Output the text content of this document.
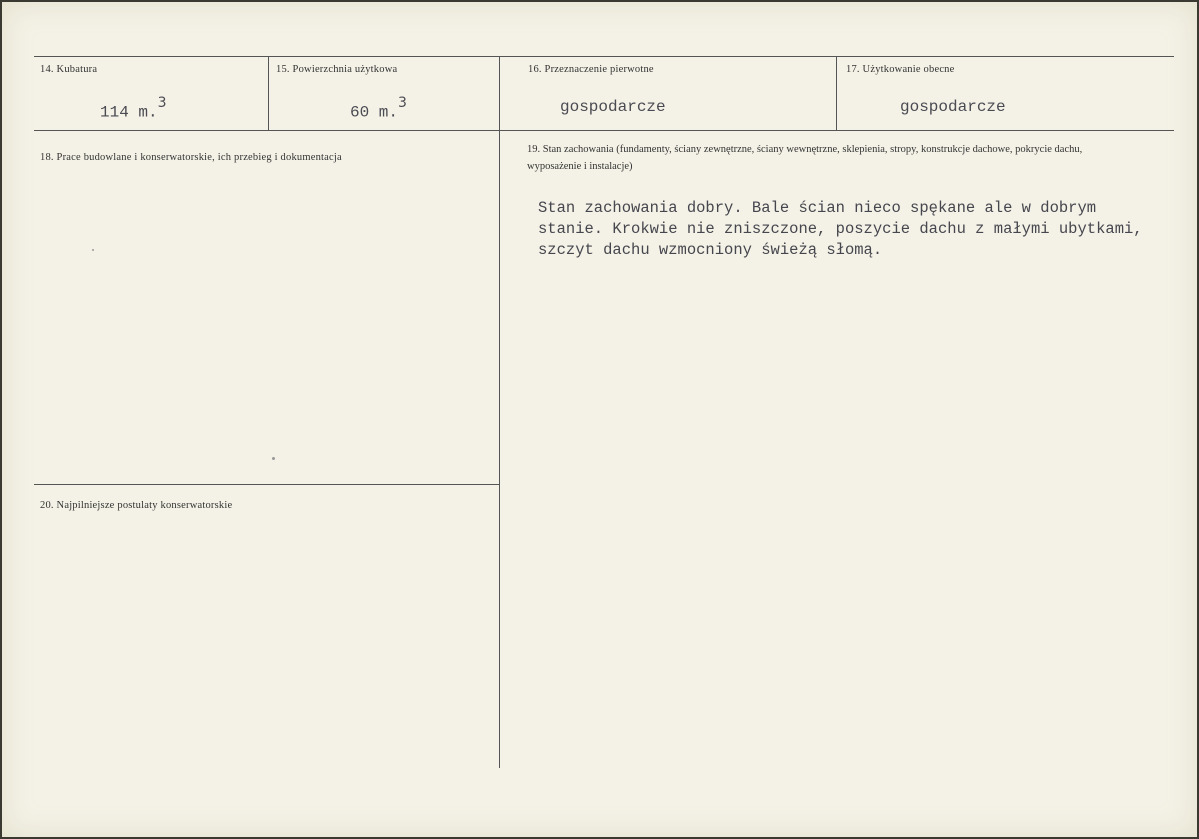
14. Kubatura
114 m.$^3$
15. Powierzchnia użytkowa
60 m.$^3$
16. Przeznaczenie pierwotne
gospodarcze
17. Użytkowanie obecne
gospodarcze
18. Prace budowlane i konserwatorskie, ich przebieg i dokumentacja
19. Stan zachowania (fundamenty, ściany zewnętrzne, ściany wewnętrzne, sklepienia, stropy, konstrukcje dachowe, pokrycie dachu, wyposażenie i instalacje)
Stan zachowania dobry. Bale ścian nieco spękane ale w dobrym
stanie. Krokwie nie zniszczone, poszycie dachu z małymi ubytkami,
szczyt dachu wzmocniony świeżą słomą.
20. Najpilniejsze postulaty konserwatorskie
